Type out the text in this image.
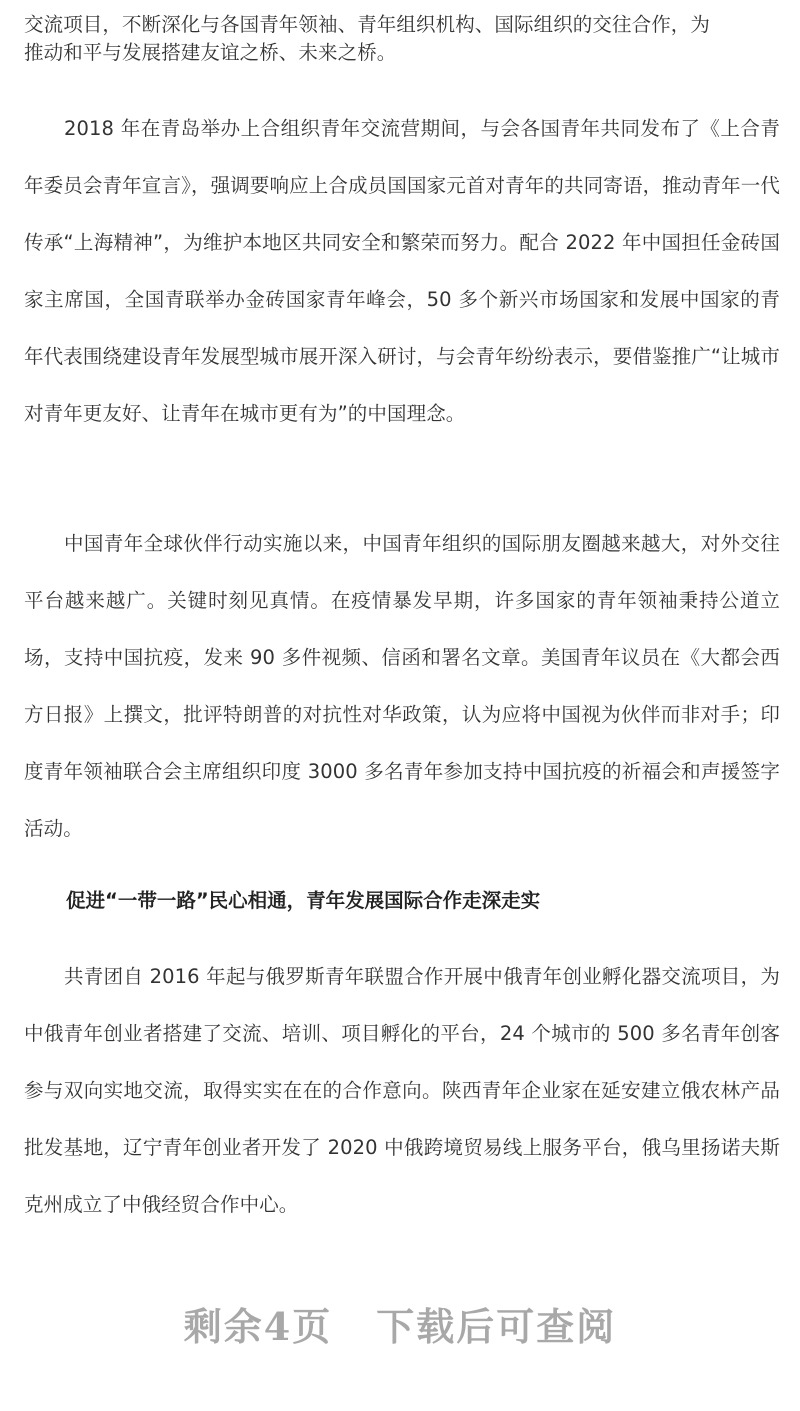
交流项目，不断深化与各国青年领袖、青年组织机构、国际组织的交往合作，为

推动和平与发展搭建友谊之桥、未来之桥。

2018 年在青岛举办上合组织青年交流营期间，与会各国青年共同发布了《上合青年委员会青年宣言》，强调要响应上合成员国国家元首对青年的共同寄语，推动青年一代传承“上海精神”，为维护本地区共同安全和繁荣而努力。配合 2022 年中国担任金砖国家主席国，全国青联举办金砖国家青年峰会，50 多个新兴市场国家和发展中国家的青年代表围绕建设青年发展型城市展开深入研讨，与会青年纷纷表示，要借鉴推广“让城市对青年更友好、让青年在城市更有为”的中国理念。

中国青年全球伙伴行动实施以来，中国青年组织的国际朋友圈越来越大，对外交往平台越来越广。关键时刻见真情。在疫情暴发早期，许多国家的青年领袖秉持公道立场，支持中国抗疫，发来 90 多件视频、信函和署名文章。美国青年议员在《大都会西方日报》上撰文，批评特朗普的对抗性对华政策，认为应将中国视为伙伴而非对手；印度青年领袖联合会主席组织印度 3000 多名青年参加支持中国抗疫的祈福会和声援签字活动。

促进“一带一路”民心相通，青年发展国际合作走深走实

共青团自 2016 年起与俄罗斯青年联盟合作开展中俄青年创业孵化器交流项目，为中俄青年创业者搭建了交流、培训、项目孵化的平台，24 个城市的 500 多名青年创客参与双向实地交流，取得实实在在的合作意向。陕西青年企业家在延安建立俄农林产品批发基地，辽宁青年创业者开发了 2020 中俄跨境贸易线上服务平台，俄乌里扬诺夫斯克州成立了中俄经贸合作中心。

剩余4页 下载后可查阅
